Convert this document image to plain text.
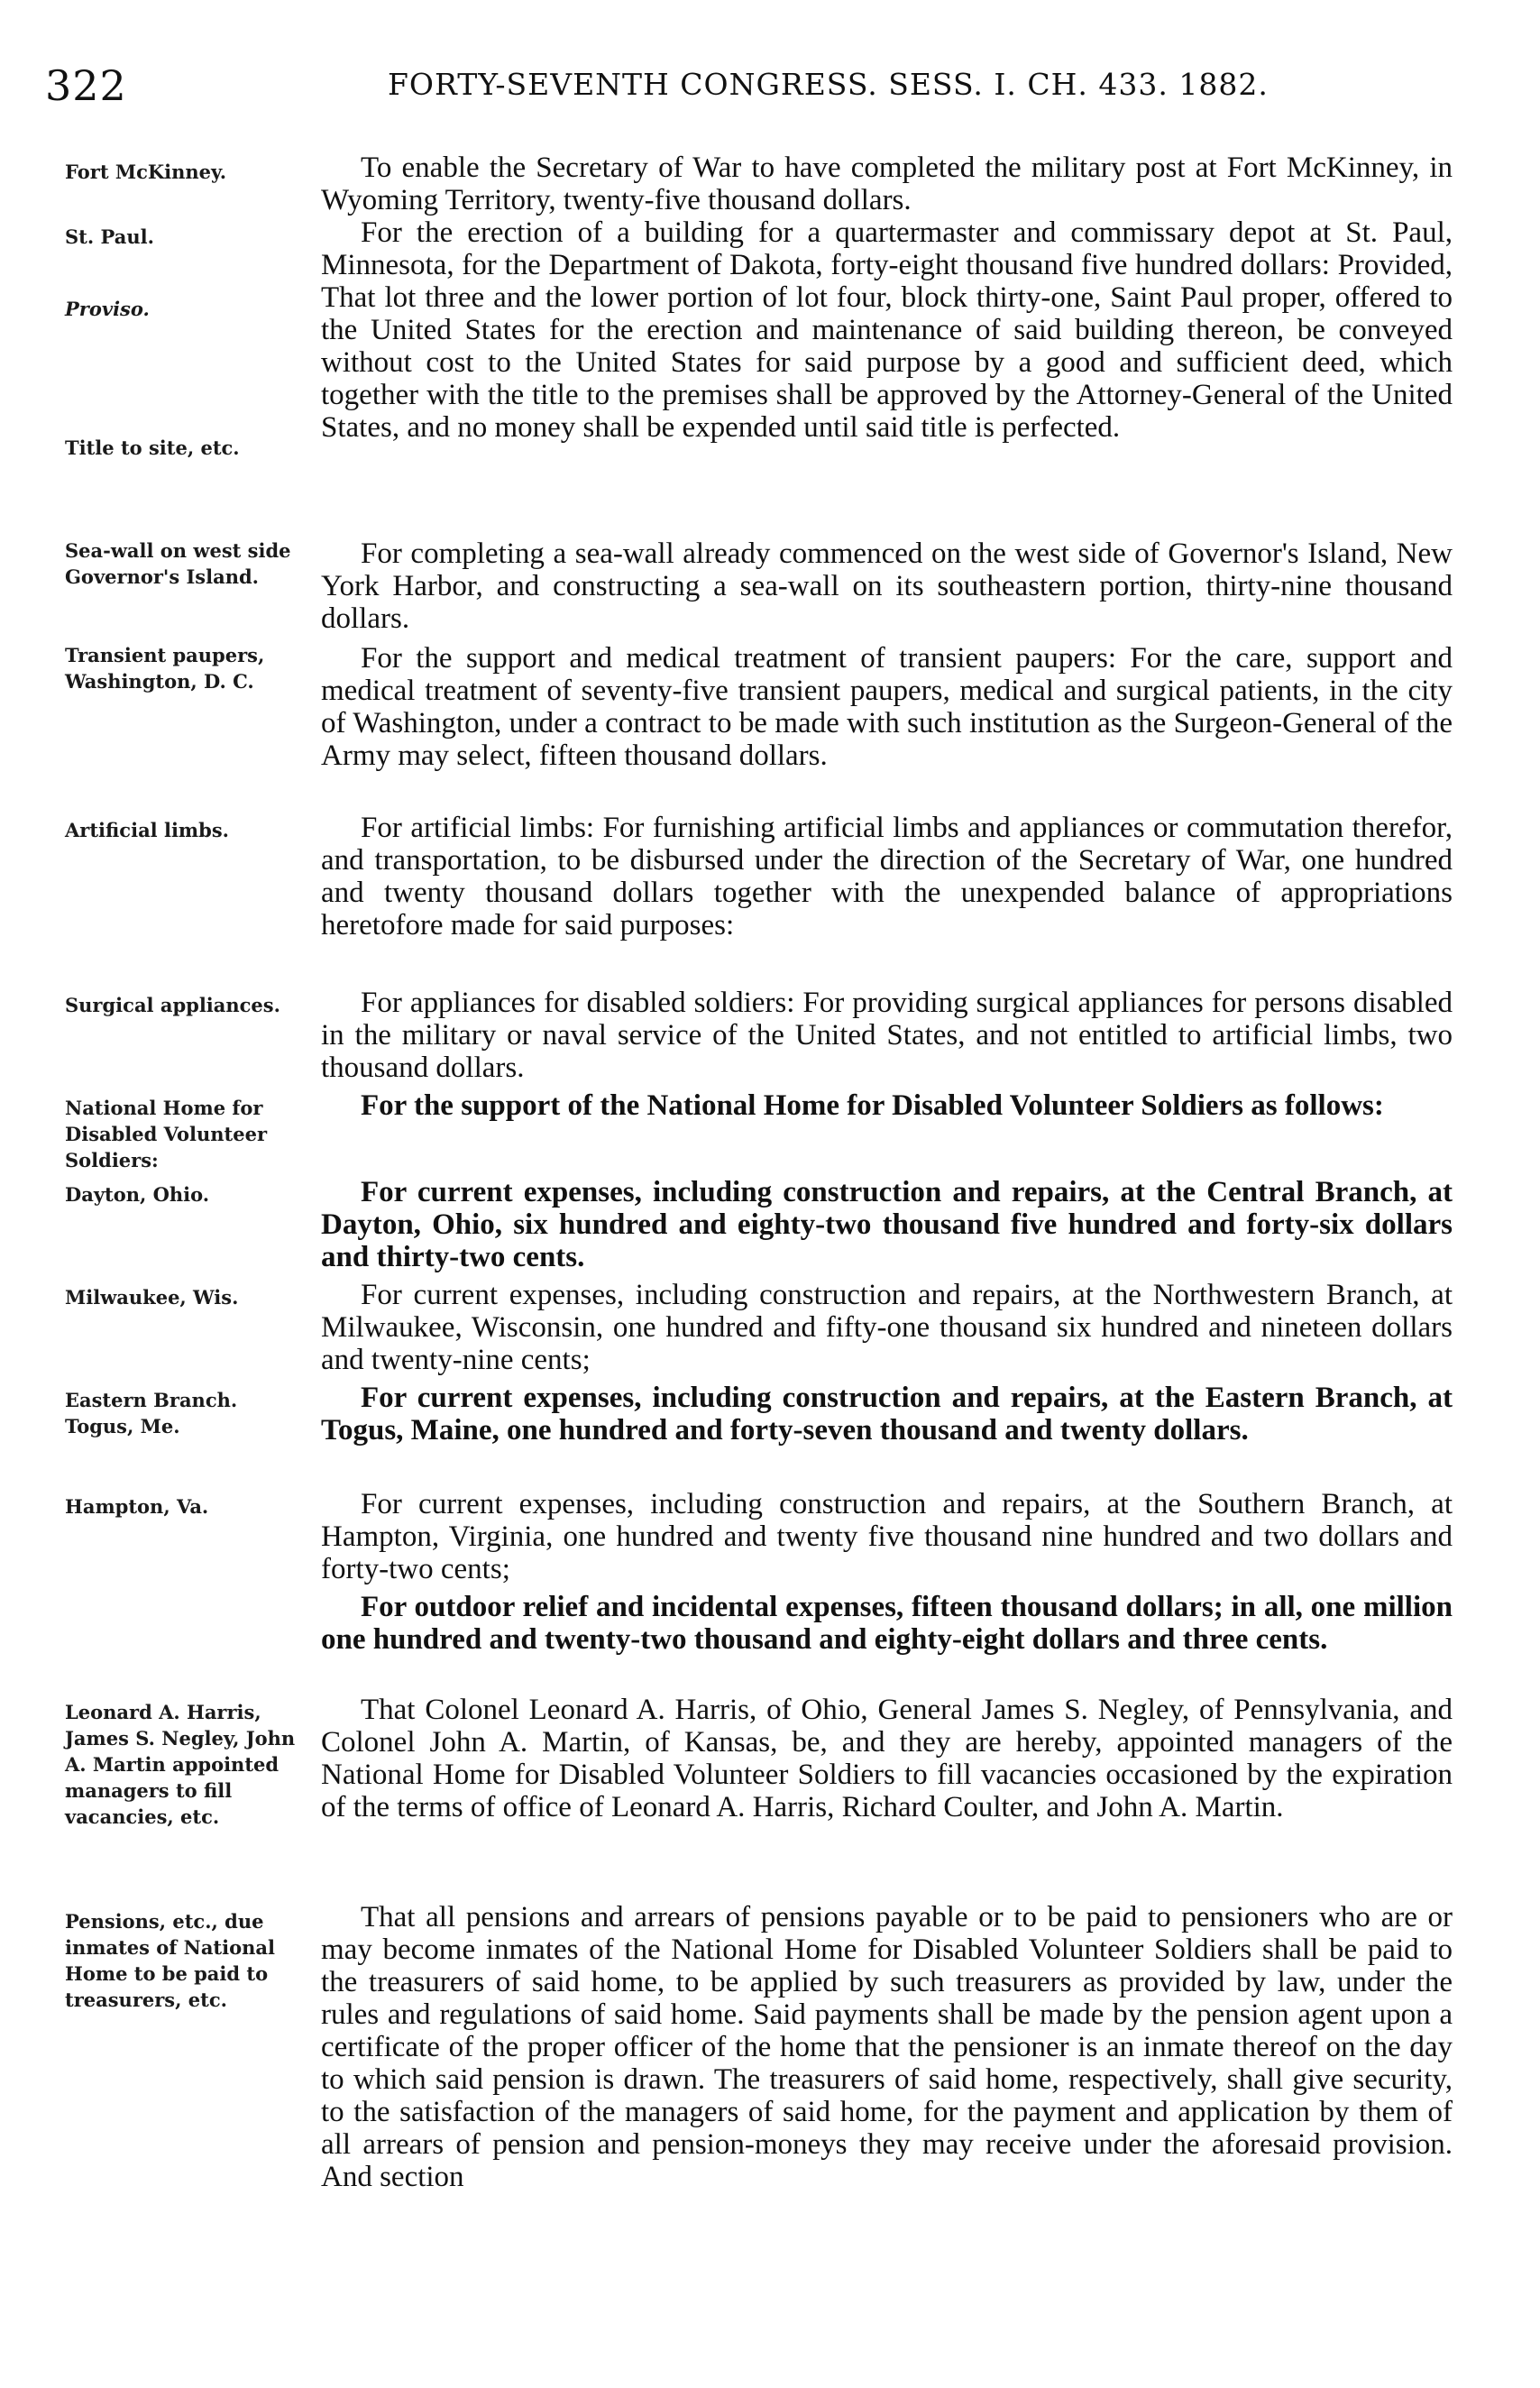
322	FORTY-SEVENTH CONGRESS. SESS. I. CH. 433. 1882.
Fort McKinney.	To enable the Secretary of War to have completed the military post at Fort McKinney, in Wyoming Territory, twenty-five thousand dollars.
St. Paul.
Proviso.
Title to site, etc.
For the erection of a building for a quartermaster and commissary depot at St. Paul, Minnesota, for the Department of Dakota, forty-eight thousand five hundred dollars: Provided, That lot three and the lower portion of lot four, block thirty-one, Saint Paul proper, offered to the United States for the erection and maintenance of said building thereon, be conveyed without cost to the United States for said purpose by a good and sufficient deed, which together with the title to the premises shall be approved by the Attorney-General of the United States, and no money shall be expended until said title is perfected.
Sea-wall on west side Governor's Island.
For completing a sea-wall already commenced on the west side of Governor's Island, New York Harbor, and constructing a sea-wall on its southeastern portion, thirty-nine thousand dollars.
Transient paupers, Washington, D. C.
For the support and medical treatment of transient paupers: For the care, support and medical treatment of seventy-five transient paupers, medical and surgical patients, in the city of Washington, under a contract to be made with such institution as the Surgeon-General of the Army may select, fifteen thousand dollars.
Artificial limbs.	For artificial limbs: For furnishing artificial limbs and appliances or commutation therefor, and transportation, to be disbursed under the direction of the Secretary of War, one hundred and twenty thousand dollars together with the unexpended balance of appropriations heretofore made for said purposes:
Surgical appliances.	For appliances for disabled soldiers: For providing surgical appliances for persons disabled in the military or naval service of the United States, and not entitled to artificial limbs, two thousand dollars.
National Home for Disabled Volunteer Soldiers:
For the support of the National Home for Disabled Volunteer Soldiers as follows:
Dayton, Ohio.	For current expenses, including construction and repairs, at the Central Branch, at Dayton, Ohio, six hundred and eighty-two thousand five hundred and forty-six dollars and thirty-two cents.
Milwaukee, Wis.	For current expenses, including construction and repairs, at the Northwestern Branch, at Milwaukee, Wisconsin, one hundred and fifty-one thousand six hundred and nineteen dollars and twenty-nine cents;
Eastern Branch. Togus, Me.
For current expenses, including construction and repairs, at the Eastern Branch, at Togus, Maine, one hundred and forty-seven thousand and twenty dollars.
Hampton, Va.	For current expenses, including construction and repairs, at the Southern Branch, at Hampton, Virginia, one hundred and twenty five thousand nine hundred and two dollars and forty-two cents;
For outdoor relief and incidental expenses, fifteen thousand dollars; in all, one million one hundred and twenty-two thousand and eighty-eight dollars and three cents.
Leonard A. Harris, James S. Negley, John A. Martin appointed managers to fill vacancies, etc.
That Colonel Leonard A. Harris, of Ohio, General James S. Negley, of Pennsylvania, and Colonel John A. Martin, of Kansas, be, and they are hereby, appointed managers of the National Home for Disabled Volunteer Soldiers to fill vacancies occasioned by the expiration of the terms of office of Leonard A. Harris, Richard Coulter, and John A. Martin.
Pensions, etc., due inmates of National Home to be paid to treasurers, etc.
That all pensions and arrears of pensions payable or to be paid to pensioners who are or may become inmates of the National Home for Disabled Volunteer Soldiers shall be paid to the treasurers of said home, to be applied by such treasurers as provided by law, under the rules and regulations of said home. Said payments shall be made by the pension agent upon a certificate of the proper officer of the home that the pensioner is an inmate thereof on the day to which said pension is drawn. The treasurers of said home, respectively, shall give security, to the satisfaction of the managers of said home, for the payment and application by them of all arrears of pension and pension-moneys they may receive under the aforesaid provision. And section
